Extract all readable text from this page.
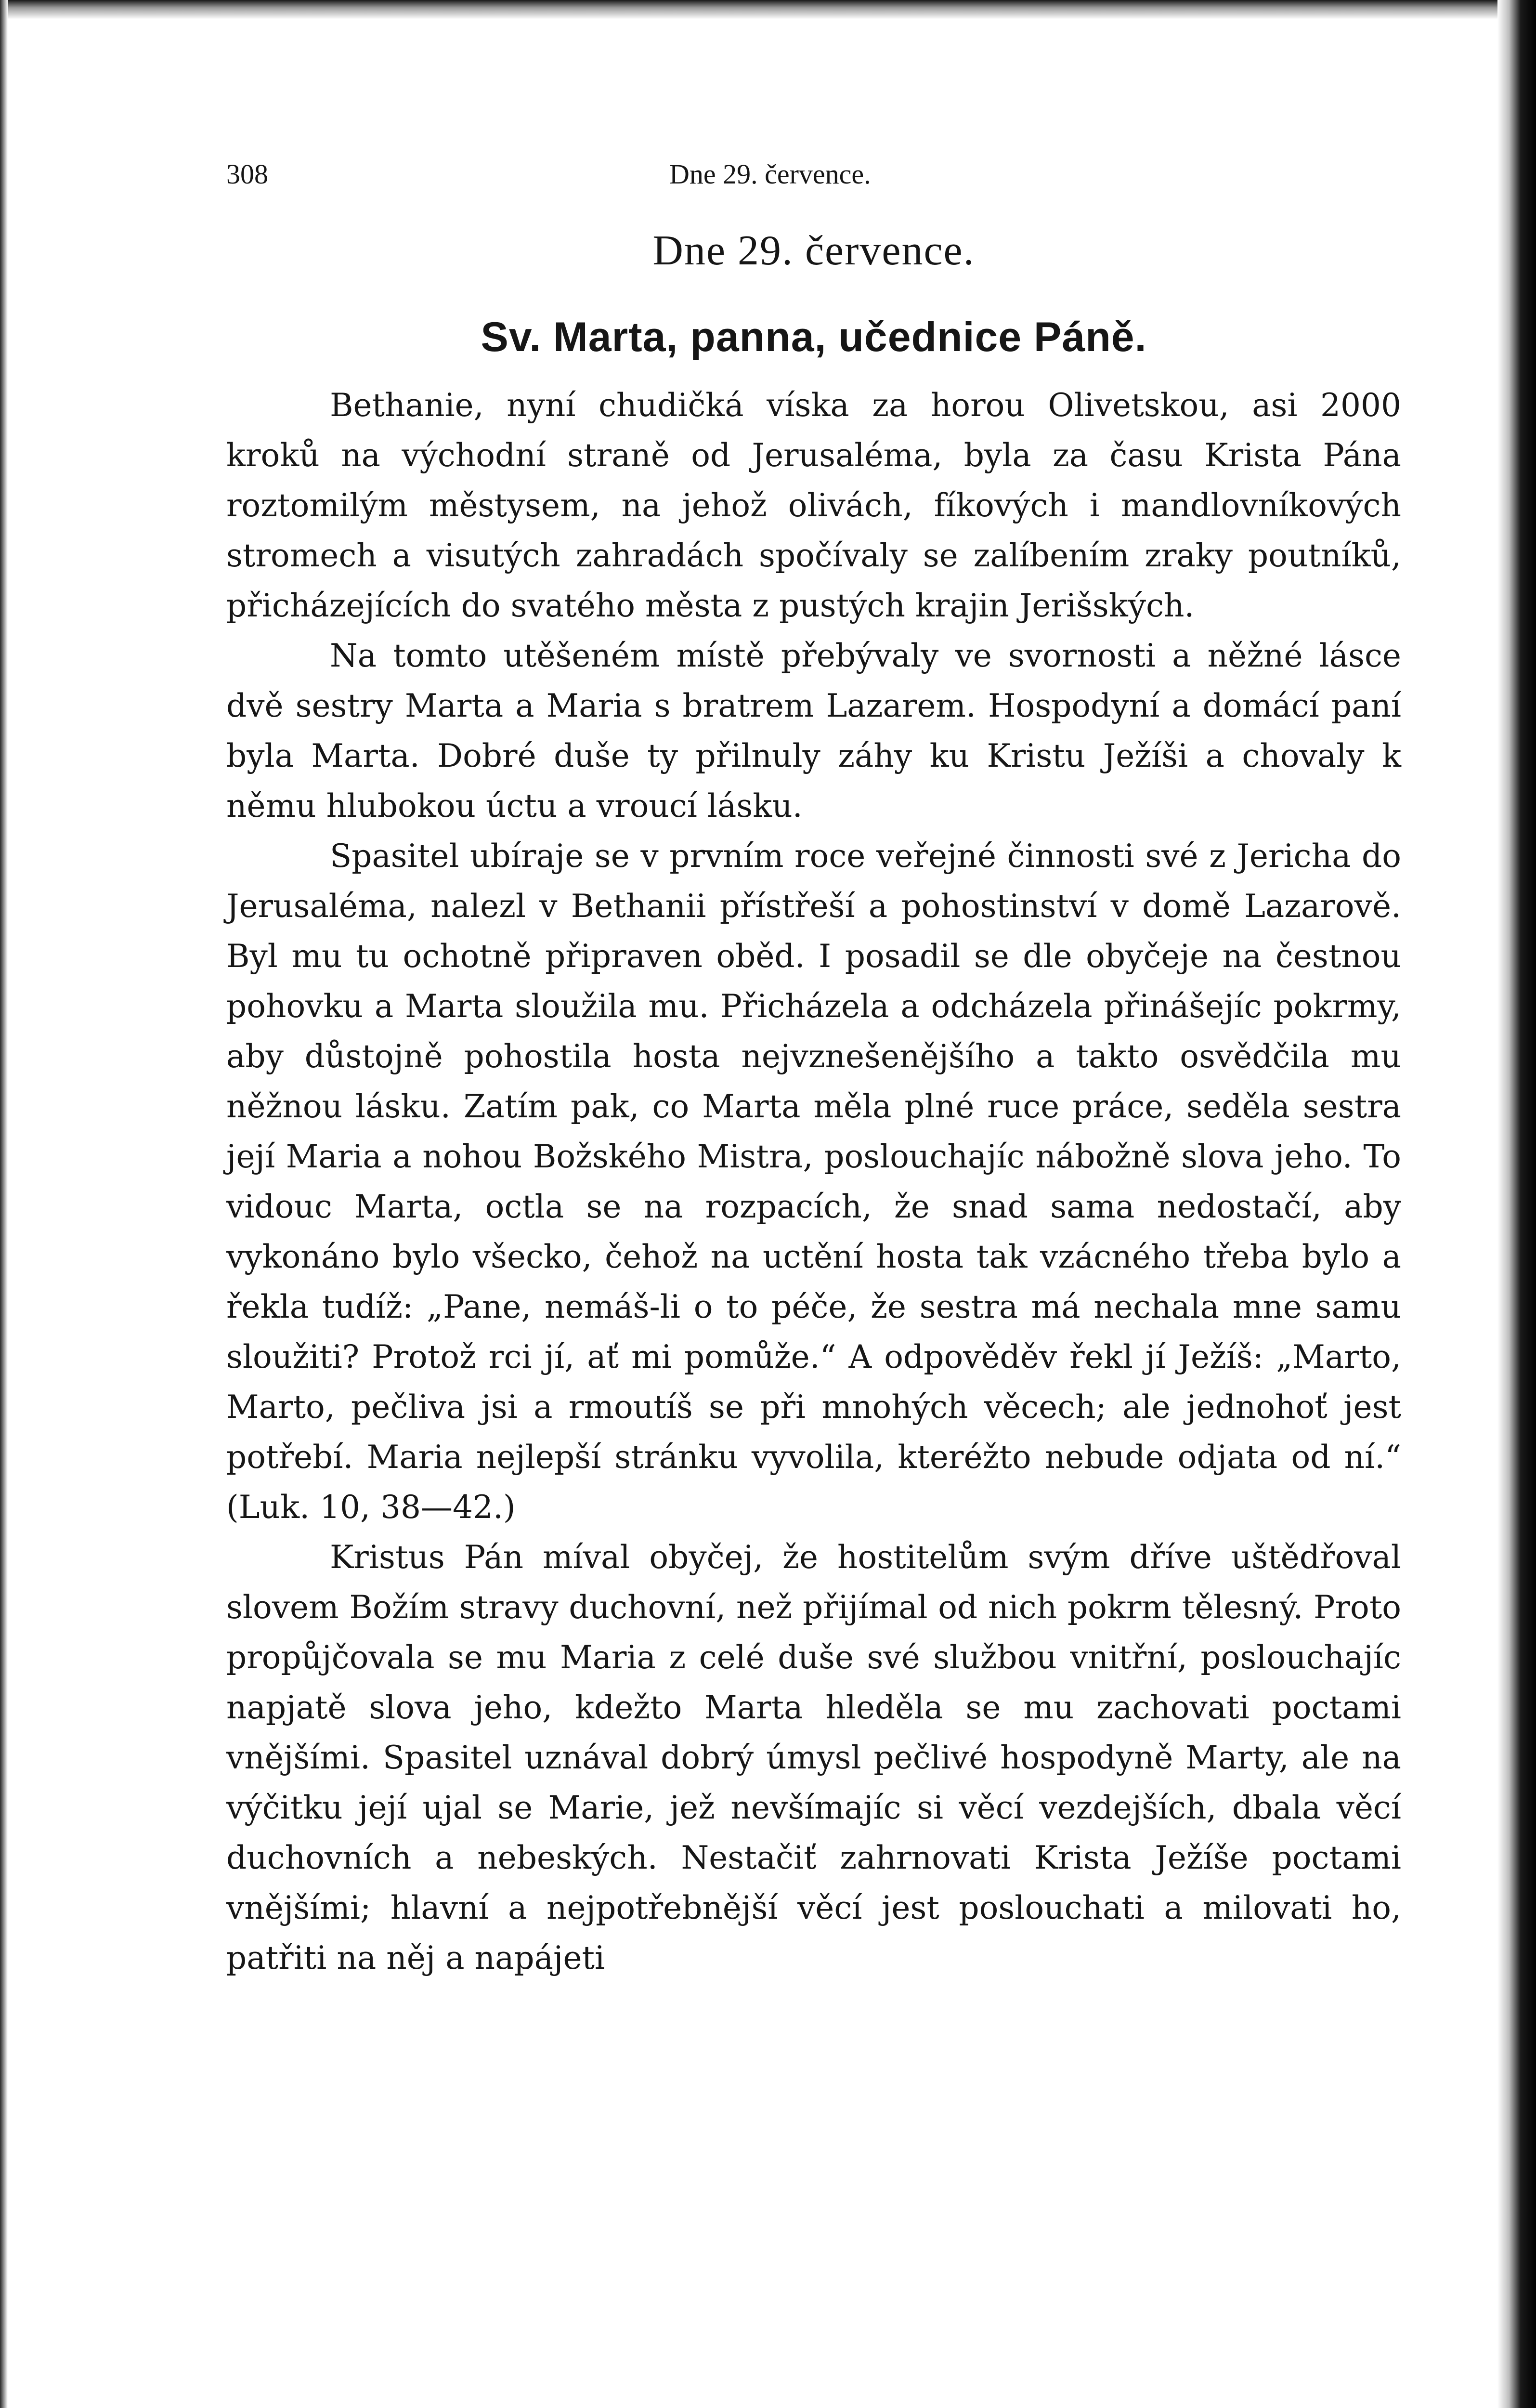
308	Dne 29. července.
Dne 29. července.
Sv. Marta, panna, učednice Páně.

Bethanie, nyní chudičká víska za horou Olivetskou, asi 2000 kroků na východní straně od Jerusaléma, byla za času Krista Pána roztomilým městysem, na jehož olivách, fíkových i mandlovníkových stromech a visutých zahradách spočívaly se zalíbením zraky poutníků, přicházejících do svatého města z pustých krajin Jerišských.

Na tomto utěšeném místě přebývaly ve svornosti a něžné lásce dvě sestry Marta a Maria s bratrem Lazarem. Hospodyní a domácí paní byla Marta. Dobré duše ty přilnuly záhy ku Kristu Ježíši a chovaly k němu hlubokou úctu a vroucí lásku.

Spasitel ubíraje se v prvním roce veřejné činnosti své z Jericha do Jerusaléma, nalezl v Bethanii přístřeší a pohostinství v domě Lazarově. Byl mu tu ochotně připraven oběd. I posadil se dle obyčeje na čestnou pohovku a Marta sloužila mu. Přicházela a odcházela přinášejíc pokrmy, aby důstojně pohostila hosta nejvznešenějšího a takto osvědčila mu něžnou lásku. Zatím pak, co Marta měla plné ruce práce, seděla sestra její Maria a nohou Božského Mistra, poslouchajíc nábožně slova jeho. To vidouc Marta, octla se na rozpacích, že snad sama nedostačí, aby vykonáno bylo všecko, čehož na uctění hosta tak vzácného třeba bylo a řekla tudíž: „Pane, nemáš-li o to péče, že sestra má nechala mne samu sloužiti? Protož rci jí, ať mi pomůže.“ A odpověděv řekl jí Ježíš: „Marto, Marto, pečliva jsi a rmoutíš se při mnohých věcech; ale jednohoť jest potřebí. Maria nejlepší stránku vyvolila, kteréžto nebude odjata od ní.“ (Luk. 10, 38—42.)

Kristus Pán míval obyčej, že hostitelům svým dříve uštědřoval slovem Božím stravy duchovní, než přijímal od nich pokrm tělesný. Proto propůjčovala se mu Maria z celé duše své službou vnitřní, poslouchajíc napjatě slova jeho, kdežto Marta hleděla se mu zachovati poctami vnějšími. Spasitel uznával dobrý úmysl pečlivé hospodyně Marty, ale na výčitku její ujal se Marie, jež nevšímajíc si věcí vezdejších, dbala věcí duchovních a nebeských. Nestačiť zahrnovati Krista Ježíše poctami vnějšími; hlavní a nejpotřebnější věcí jest poslouchati a milovati ho, patřiti na něj a napájeti
